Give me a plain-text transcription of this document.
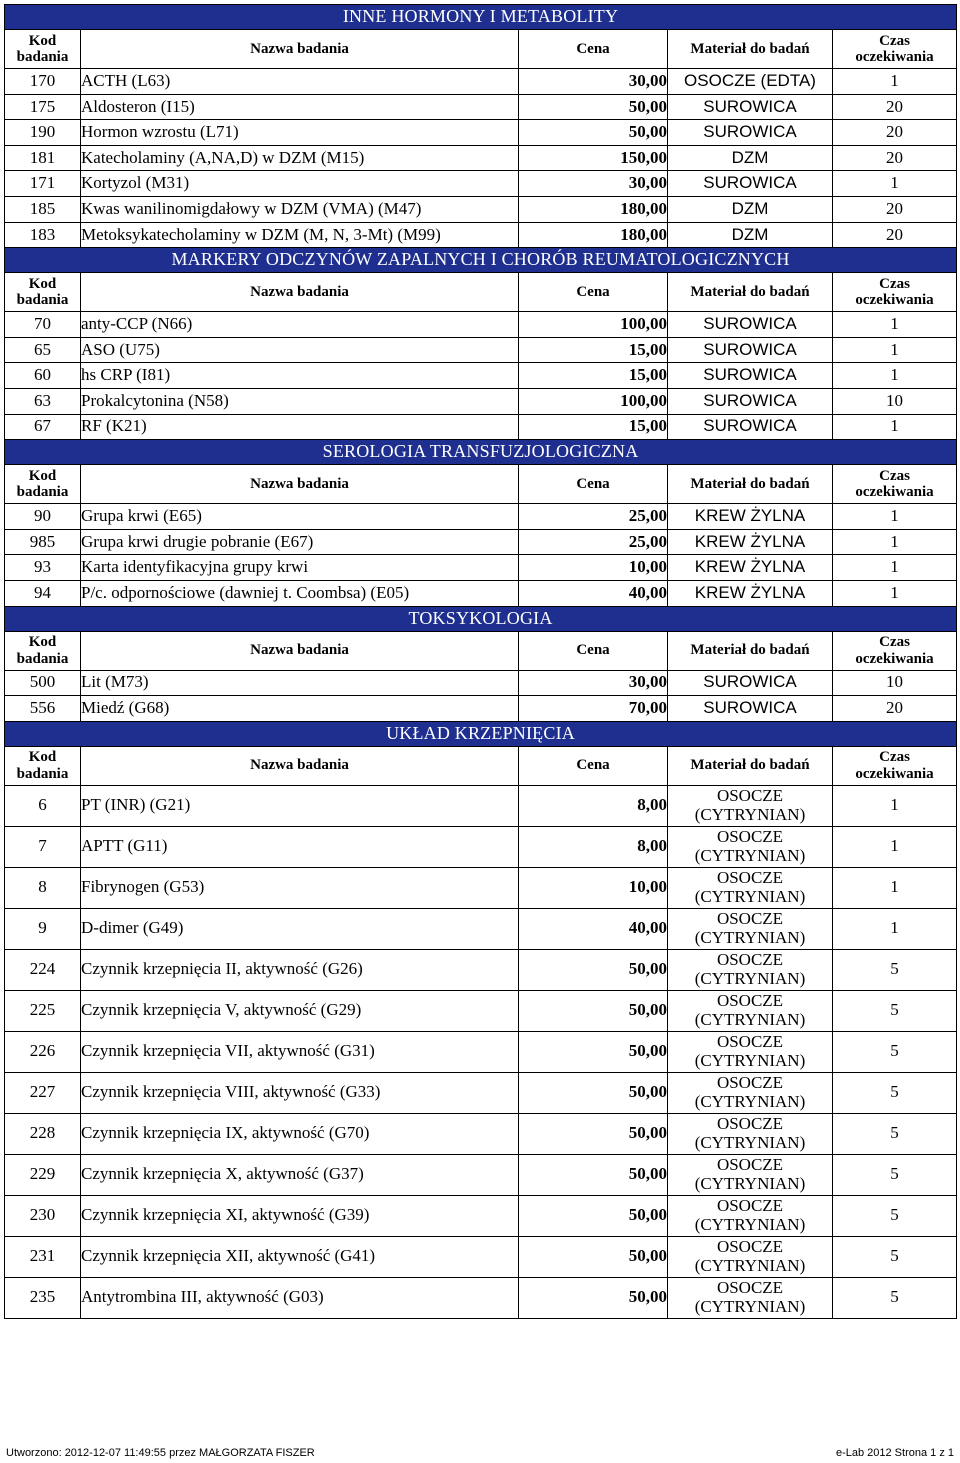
INNE HORMONY I METABOLITY				
Kod
badania	Nazwa badania	Cena	Materiał do badań	Czas
oczekiwania
170	ACTH (L63)	30,00	OSOCZE (EDTA)	1
175	Aldosteron (I15)	50,00	SUROWICA	20
190	Hormon wzrostu (L71)	50,00	SUROWICA	20
181	Katecholaminy (A,NA,D) w DZM (M15)	150,00	DZM	20
171	Kortyzol (M31)	30,00	SUROWICA	1
185	Kwas wanilinomigdałowy w DZM (VMA) (M47)	180,00	DZM	20
183	Metoksykatecholaminy w DZM (M, N, 3-Mt) (M99)	180,00	DZM	20
MARKERY ODCZYNÓW ZAPALNYCH I CHORÓB REUMATOLOGICZNYCH				
Kod
badania	Nazwa badania	Cena	Materiał do badań	Czas
oczekiwania
70	anty-CCP (N66)	100,00	SUROWICA	1
65	ASO (U75)	15,00	SUROWICA	1
60	hs CRP (I81)	15,00	SUROWICA	1
63	Prokalcytonina (N58)	100,00	SUROWICA	10
67	RF (K21)	15,00	SUROWICA	1
SEROLOGIA TRANSFUZJOLOGICZNA				
Kod
badania	Nazwa badania	Cena	Materiał do badań	Czas
oczekiwania
90	Grupa krwi (E65)	25,00	KREW ŻYLNA	1
985	Grupa krwi drugie pobranie (E67)	25,00	KREW ŻYLNA	1
93	Karta identyfikacyjna grupy krwi	10,00	KREW ŻYLNA	1
94	P/c. odpornościowe (dawniej t. Coombsa) (E05)	40,00	KREW ŻYLNA	1
TOKSYKOLOGIA				
Kod
badania	Nazwa badania	Cena	Materiał do badań	Czas
oczekiwania
500	Lit (M73)	30,00	SUROWICA	10
556	Miedź (G68)	70,00	SUROWICA	20
UKŁAD KRZEPNIĘCIA				
Kod
badania	Nazwa badania	Cena	Materiał do badań	Czas
oczekiwania
6	PT (INR) (G21)	8,00	OSOCZE
(CYTRYNIAN)	1
7	APTT (G11)	8,00	OSOCZE
(CYTRYNIAN)	1
8	Fibrynogen (G53)	10,00	OSOCZE
(CYTRYNIAN)	1
9	D-dimer (G49)	40,00	OSOCZE
(CYTRYNIAN)	1
224	Czynnik krzepnięcia II, aktywność (G26)	50,00	OSOCZE
(CYTRYNIAN)	5
225	Czynnik krzepnięcia V, aktywność (G29)	50,00	OSOCZE
(CYTRYNIAN)	5
226	Czynnik krzepnięcia VII, aktywność (G31)	50,00	OSOCZE
(CYTRYNIAN)	5
227	Czynnik krzepnięcia VIII, aktywność (G33)	50,00	OSOCZE
(CYTRYNIAN)	5
228	Czynnik krzepnięcia IX, aktywność (G70)	50,00	OSOCZE
(CYTRYNIAN)	5
229	Czynnik krzepnięcia X, aktywność (G37)	50,00	OSOCZE
(CYTRYNIAN)	5
230	Czynnik krzepnięcia XI, aktywność (G39)	50,00	OSOCZE
(CYTRYNIAN)	5
231	Czynnik krzepnięcia XII, aktywność (G41)	50,00	OSOCZE
(CYTRYNIAN)	5
235	Antytrombina III, aktywność (G03)	50,00	OSOCZE
(CYTRYNIAN)	5
Utworzono: 2012-12-07 11:49:55 przez MAŁGORZATA FISZER	e-Lab 2012 Strona 1 z 1
